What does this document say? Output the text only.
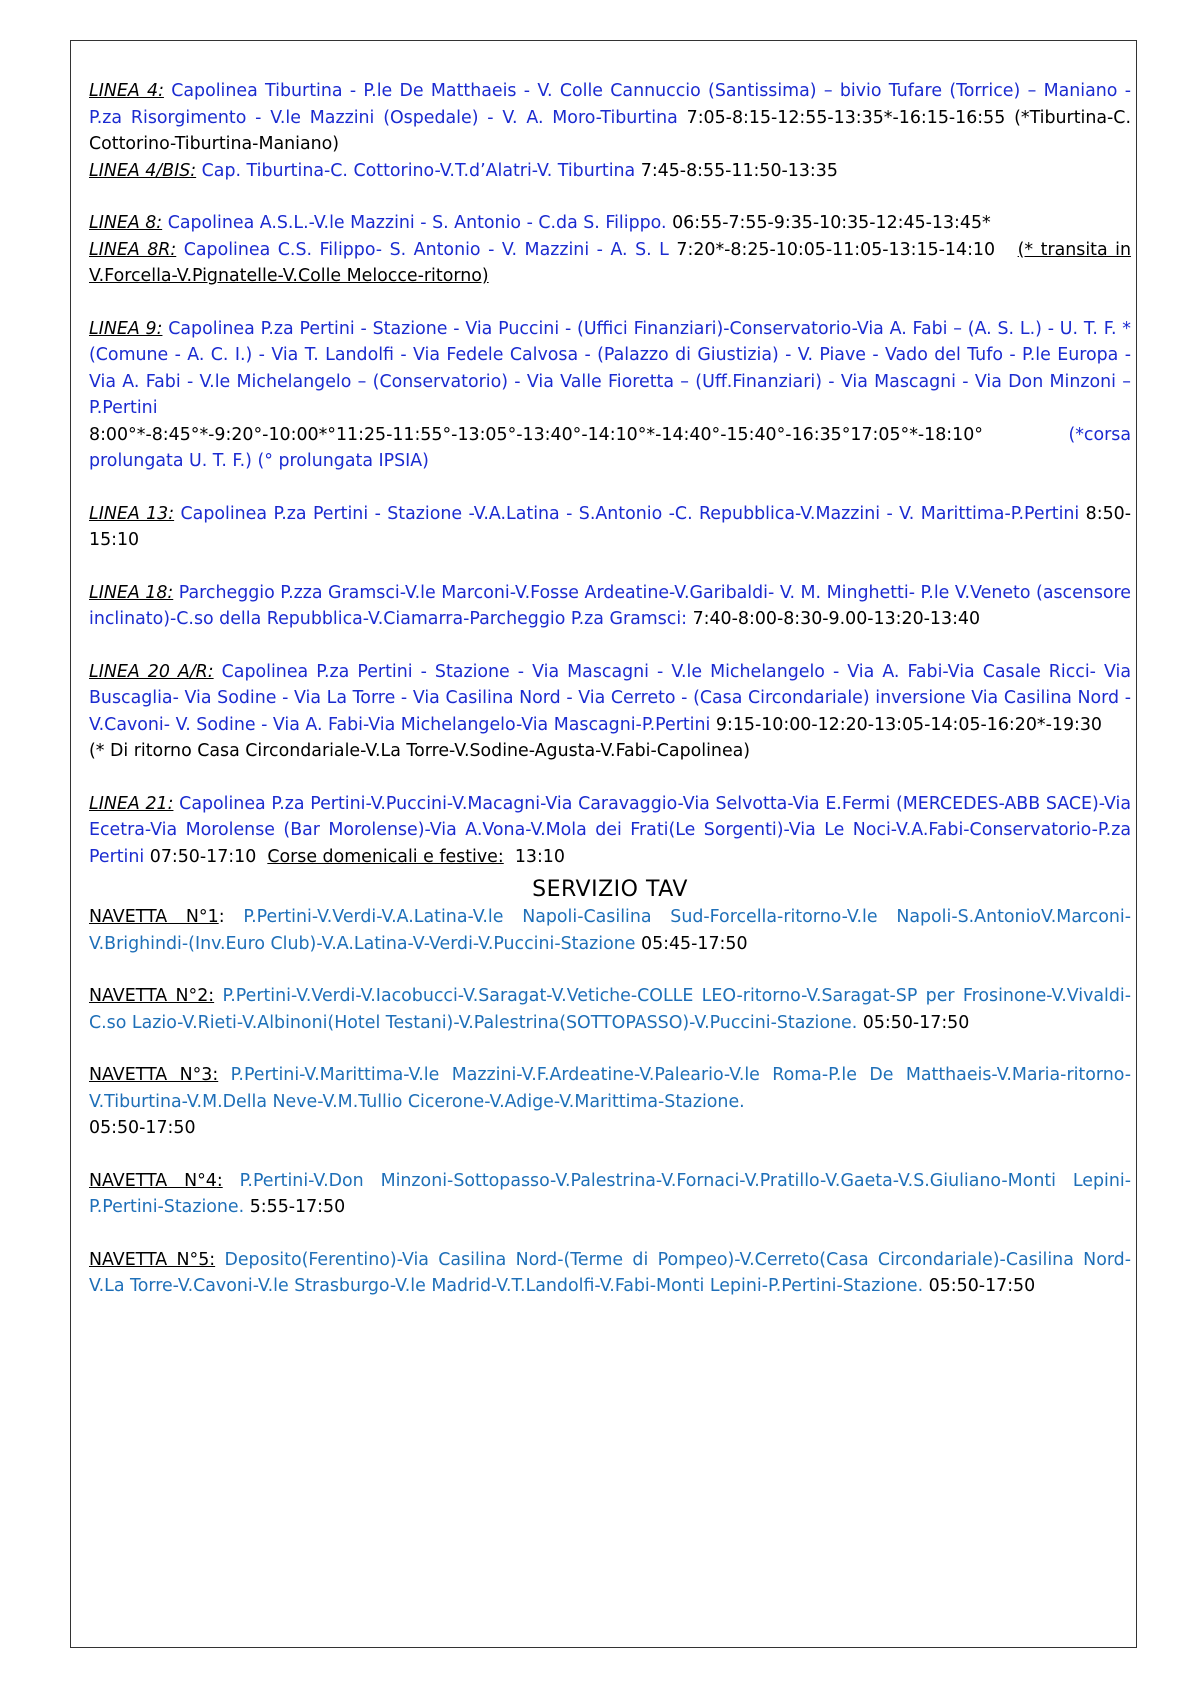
LINEA 4: Capolinea Tiburtina - P.le De Matthaeis - V. Colle Cannuccio (Santissima) – bivio Tufare (Torrice) – Maniano - P.za Risorgimento - V.le Mazzini (Ospedale) - V. A. Moro-Tiburtina 7:05-8:15-12:55-13:35*-16:15-16:55 (*Tiburtina-C. Cottorino-Tiburtina-Maniano)

LINEA 4/BIS: Cap. Tiburtina-C. Cottorino-V.T.d’Alatri-V. Tiburtina 7:45-8:55-11:50-13:35

LINEA 8: Capolinea A.S.L.-V.le Mazzini - S. Antonio - C.da S. Filippo. 06:55-7:55-9:35-10:35-12:45-13:45*

LINEA 8R: Capolinea C.S. Filippo- S. Antonio - V. Mazzini - A. S. L 7:20*-8:25-10:05-11:05-13:15-14:10 (* transita in V.Forcella-V.Pignatelle-V.Colle Melocce-ritorno)

LINEA 9: Capolinea P.za Pertini - Stazione - Via Puccini - (Uffici Finanziari)-Conservatorio-Via A. Fabi – (A. S. L.) - U. T. F. * (Comune - A. C. I.) - Via T. Landolfi - Via Fedele Calvosa - (Palazzo di Giustizia) - V. Piave - Vado del Tufo - P.le Europa - Via A. Fabi - V.le Michelangelo – (Conservatorio) - Via Valle Fioretta – (Uff.Finanziari) - Via Mascagni - Via Don Minzoni – P.Pertini
8:00°*-8:45°*-9:20°-10:00*°11:25-11:55°-13:05°-13:40°-14:10°*-14:40°-15:40°-16:35°17:05°*-18:10° (*corsa prolungata U. T. F.) (° prolungata IPSIA)

LINEA 13: Capolinea P.za Pertini - Stazione -V.A.Latina - S.Antonio -C. Repubblica-V.Mazzini - V. Marittima-P.Pertini 8:50-15:10

LINEA 18: Parcheggio P.zza Gramsci-V.le Marconi-V.Fosse Ardeatine-V.Garibaldi- V. M. Minghetti- P.le V.Veneto (ascensore inclinato)-C.so della Repubblica-V.Ciamarra-Parcheggio P.za Gramsci: 7:40-8:00-8:30-9.00-13:20-13:40

LINEA 20 A/R: Capolinea P.za Pertini - Stazione - Via Mascagni - V.le Michelangelo - Via A. Fabi-Via Casale Ricci- Via Buscaglia- Via Sodine - Via La Torre - Via Casilina Nord - Via Cerreto - (Casa Circondariale) inversione Via Casilina Nord - V.Cavoni- V. Sodine - Via A. Fabi-Via Michelangelo-Via Mascagni-P.Pertini 9:15-10:00-12:20-13:05-14:05-16:20*-19:30
(* Di ritorno Casa Circondariale-V.La Torre-V.Sodine-Agusta-V.Fabi-Capolinea)

LINEA 21: Capolinea P.za Pertini-V.Puccini-V.Macagni-Via Caravaggio-Via Selvotta-Via E.Fermi (MERCEDES-ABB SACE)-Via Ecetra-Via Morolense (Bar Morolense)-Via A.Vona-V.Mola dei Frati(Le Sorgenti)-Via Le Noci-V.A.Fabi-Conservatorio-P.za Pertini 07:50-17:10 Corse domenicali e festive: 13:10

SERVIZIO TAV

NAVETTA N°1: P.Pertini-V.Verdi-V.A.Latina-V.le Napoli-Casilina Sud-Forcella-ritorno-V.le Napoli-S.AntonioV.Marconi-V.Brighindi-(Inv.Euro Club)-V.A.Latina-V-Verdi-V.Puccini-Stazione 05:45-17:50

NAVETTA N°2: P.Pertini-V.Verdi-V.Iacobucci-V.Saragat-V.Vetiche-COLLE LEO-ritorno-V.Saragat-SP per Frosinone-V.Vivaldi-C.so Lazio-V.Rieti-V.Albinoni(Hotel Testani)-V.Palestrina(SOTTOPASSO)-V.Puccini-Stazione. 05:50-17:50

NAVETTA N°3: P.Pertini-V.Marittima-V.le Mazzini-V.F.Ardeatine-V.Paleario-V.le Roma-P.le De Matthaeis-V.Maria-ritorno-V.Tiburtina-V.M.Della Neve-V.M.Tullio Cicerone-V.Adige-V.Marittima-Stazione.
05:50-17:50

NAVETTA N°4: P.Pertini-V.Don Minzoni-Sottopasso-V.Palestrina-V.Fornaci-V.Pratillo-V.Gaeta-V.S.Giuliano-Monti Lepini-P.Pertini-Stazione. 5:55-17:50

NAVETTA N°5: Deposito(Ferentino)-Via Casilina Nord-(Terme di Pompeo)-V.Cerreto(Casa Circondariale)-Casilina Nord-V.La Torre-V.Cavoni-V.le Strasburgo-V.le Madrid-V.T.Landolfi-V.Fabi-Monti Lepini-P.Pertini-Stazione. 05:50-17:50
